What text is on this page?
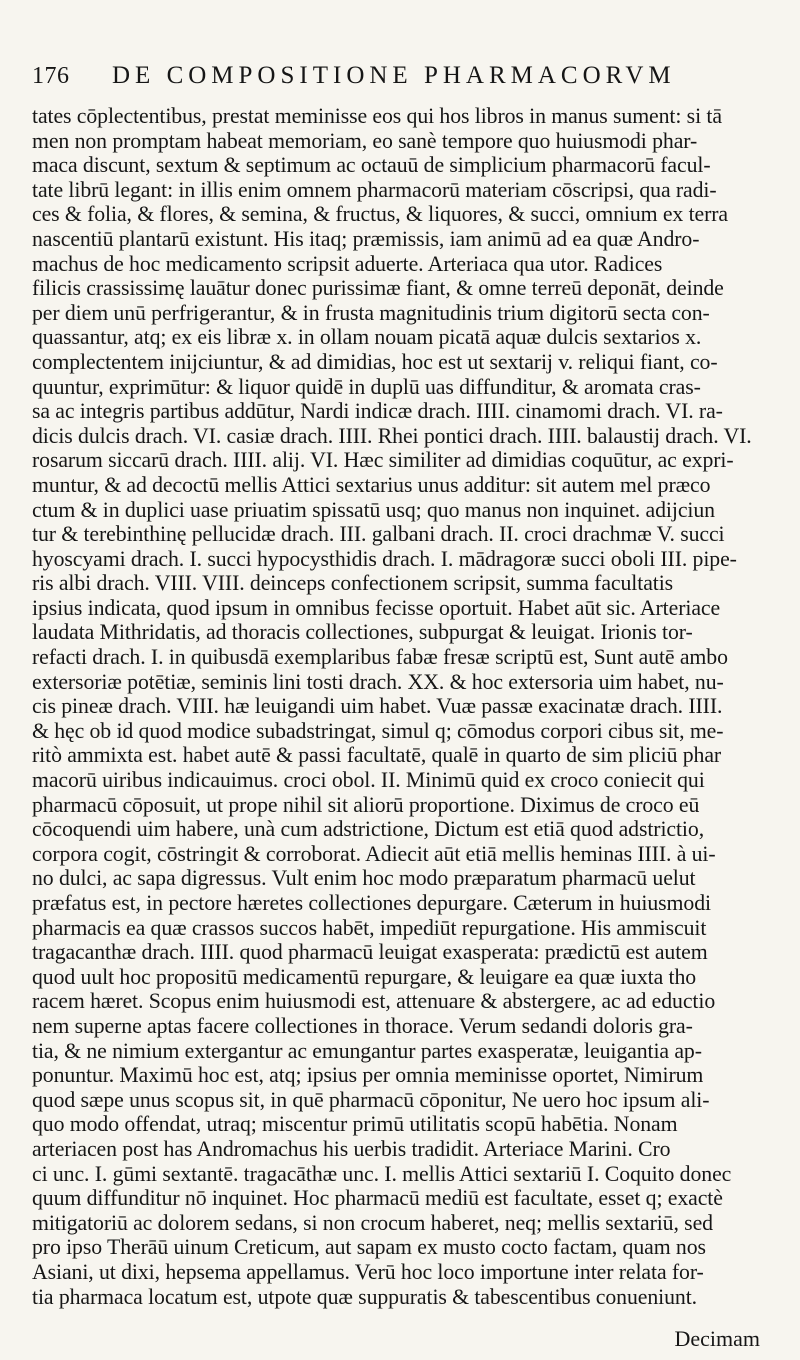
176	DE COMPOSITIONE PHARMACORVM
tates cōplectentibus, prestat meminisse eos qui hos libros in manus sument: si tā
men non promptam habeat memoriam, eo sanè tempore quo huiusmodi phar-
maca discunt, sextum & septimum ac octauū de simplicium pharmacorū facul-
tate librū legant: in illis enim omnem pharmacorū materiam cōscripsi, qua radi-
ces & folia, & flores, & semina, & fructus, & liquores, & succi, omnium ex terra
nascentiū plantarū existunt. His itaq; præmissis, iam animū ad ea quæ Andro-
machus de hoc medicamento scripsit aduerte. Arteriaca qua utor. Radices
filicis crassissimę lauātur donec purissimæ fiant, & omne terreū deponāt, deinde
per diem unū perfrigerantur, & in frusta magnitudinis trium digitorū secta con-
quassantur, atq; ex eis libræ x. in ollam nouam picatā aquæ dulcis sextarios x.
complectentem inijciuntur, & ad dimidias, hoc est ut sextarij v. reliqui fiant, co-
quuntur, exprimūtur: & liquor quidē in duplū uas diffunditur, & aromata cras-
sa ac integris partibus addūtur, Nardi indicæ drach. IIII. cinamomi drach. VI. ra-
dicis dulcis drach. VI. casiæ drach. IIII. Rhei pontici drach. IIII. balaustij drach. VI.
rosarum siccarū drach. IIII. alij. VI. Hæc similiter ad dimidias coquūtur, ac expri-
muntur, & ad decoctū mellis Attici sextarius unus additur: sit autem mel præco
ctum & in duplici uase priuatim spissatū usq; quo manus non inquinet. adijciun
tur & terebinthinę pellucidæ drach. III. galbani drach. II. croci drachmæ V. succi
hyoscyami drach. I. succi hypocysthidis drach. I. mādragoræ succi oboli III. pipe-
ris albi drach. VIII. VIII. deinceps confectionem scripsit, summa facultatis
ipsius indicata, quod ipsum in omnibus fecisse oportuit. Habet aūt sic. Arteriace
laudata Mithridatis, ad thoracis collectiones, subpurgat & leuigat. Irionis tor-
refacti drach. I. in quibusdā exemplaribus fabæ fresæ scriptū est, Sunt autē ambo
extersoriæ potētiæ, seminis lini tosti drach. XX. & hoc extersoria uim habet, nu-
cis pineæ drach. VIII. hæ leuigandi uim habet. Vuæ passæ exacinatæ drach. IIII.
& hęc ob id quod modice subadstringat, simul q; cōmodus corpori cibus sit, me-
ritò ammixta est. habet autē & passi facultatē, qualē in quarto de sim pliciū phar
macorū uiribus indicauimus. croci obol. II. Minimū quid ex croco coniecit qui
pharmacū cōposuit, ut prope nihil sit aliorū proportione. Diximus de croco eū
cōcoquendi uim habere, unà cum adstrictione, Dictum est etiā quod adstrictio,
corpora cogit, cōstringit & corroborat. Adiecit aūt etiā mellis heminas IIII. à ui-
no dulci, ac sapa digressus. Vult enim hoc modo præparatum pharmacū uelut
præfatus est, in pectore hæretes collectiones depurgare. Cæterum in huiusmodi
pharmacis ea quæ crassos succos habēt, impediūt repurgatione. His ammiscuit
tragacanthæ drach. IIII. quod pharmacū leuigat exasperata: prædictū est autem
quod uult hoc propositū medicamentū repurgare, & leuigare ea quæ iuxta tho
racem hæret. Scopus enim huiusmodi est, attenuare & abstergere, ac ad eductio
nem superne aptas facere collectiones in thorace. Verum sedandi doloris gra-
tia, & ne nimium extergantur ac emungantur partes exasperatæ, leuigantia ap-
ponuntur. Maximū hoc est, atq; ipsius per omnia meminisse oportet, Nimirum
quod sæpe unus scopus sit, in quē pharmacū cōponitur, Ne uero hoc ipsum ali-
quo modo offendat, utraq; miscentur primū utilitatis scopū habētia. Nonam
arteriacen post has Andromachus his uerbis tradidit. Arteriace Marini. Cro
ci unc. I. gūmi sextantē. tragacāthæ unc. I. mellis Attici sextariū I. Coquito donec
quum diffunditur nō inquinet. Hoc pharmacū mediū est facultate, esset q; exactè
mitigatoriū ac dolorem sedans, si non crocum haberet, neq; mellis sextariū, sed
pro ipso Therāū uinum Creticum, aut sapam ex musto cocto factam, quam nos
Asiani, ut dixi, hepsema appellamus. Verū hoc loco importune inter relata for-
tia pharmaca locatum est, utpote quæ suppuratis & tabescentibus conueniunt.
Decimam
